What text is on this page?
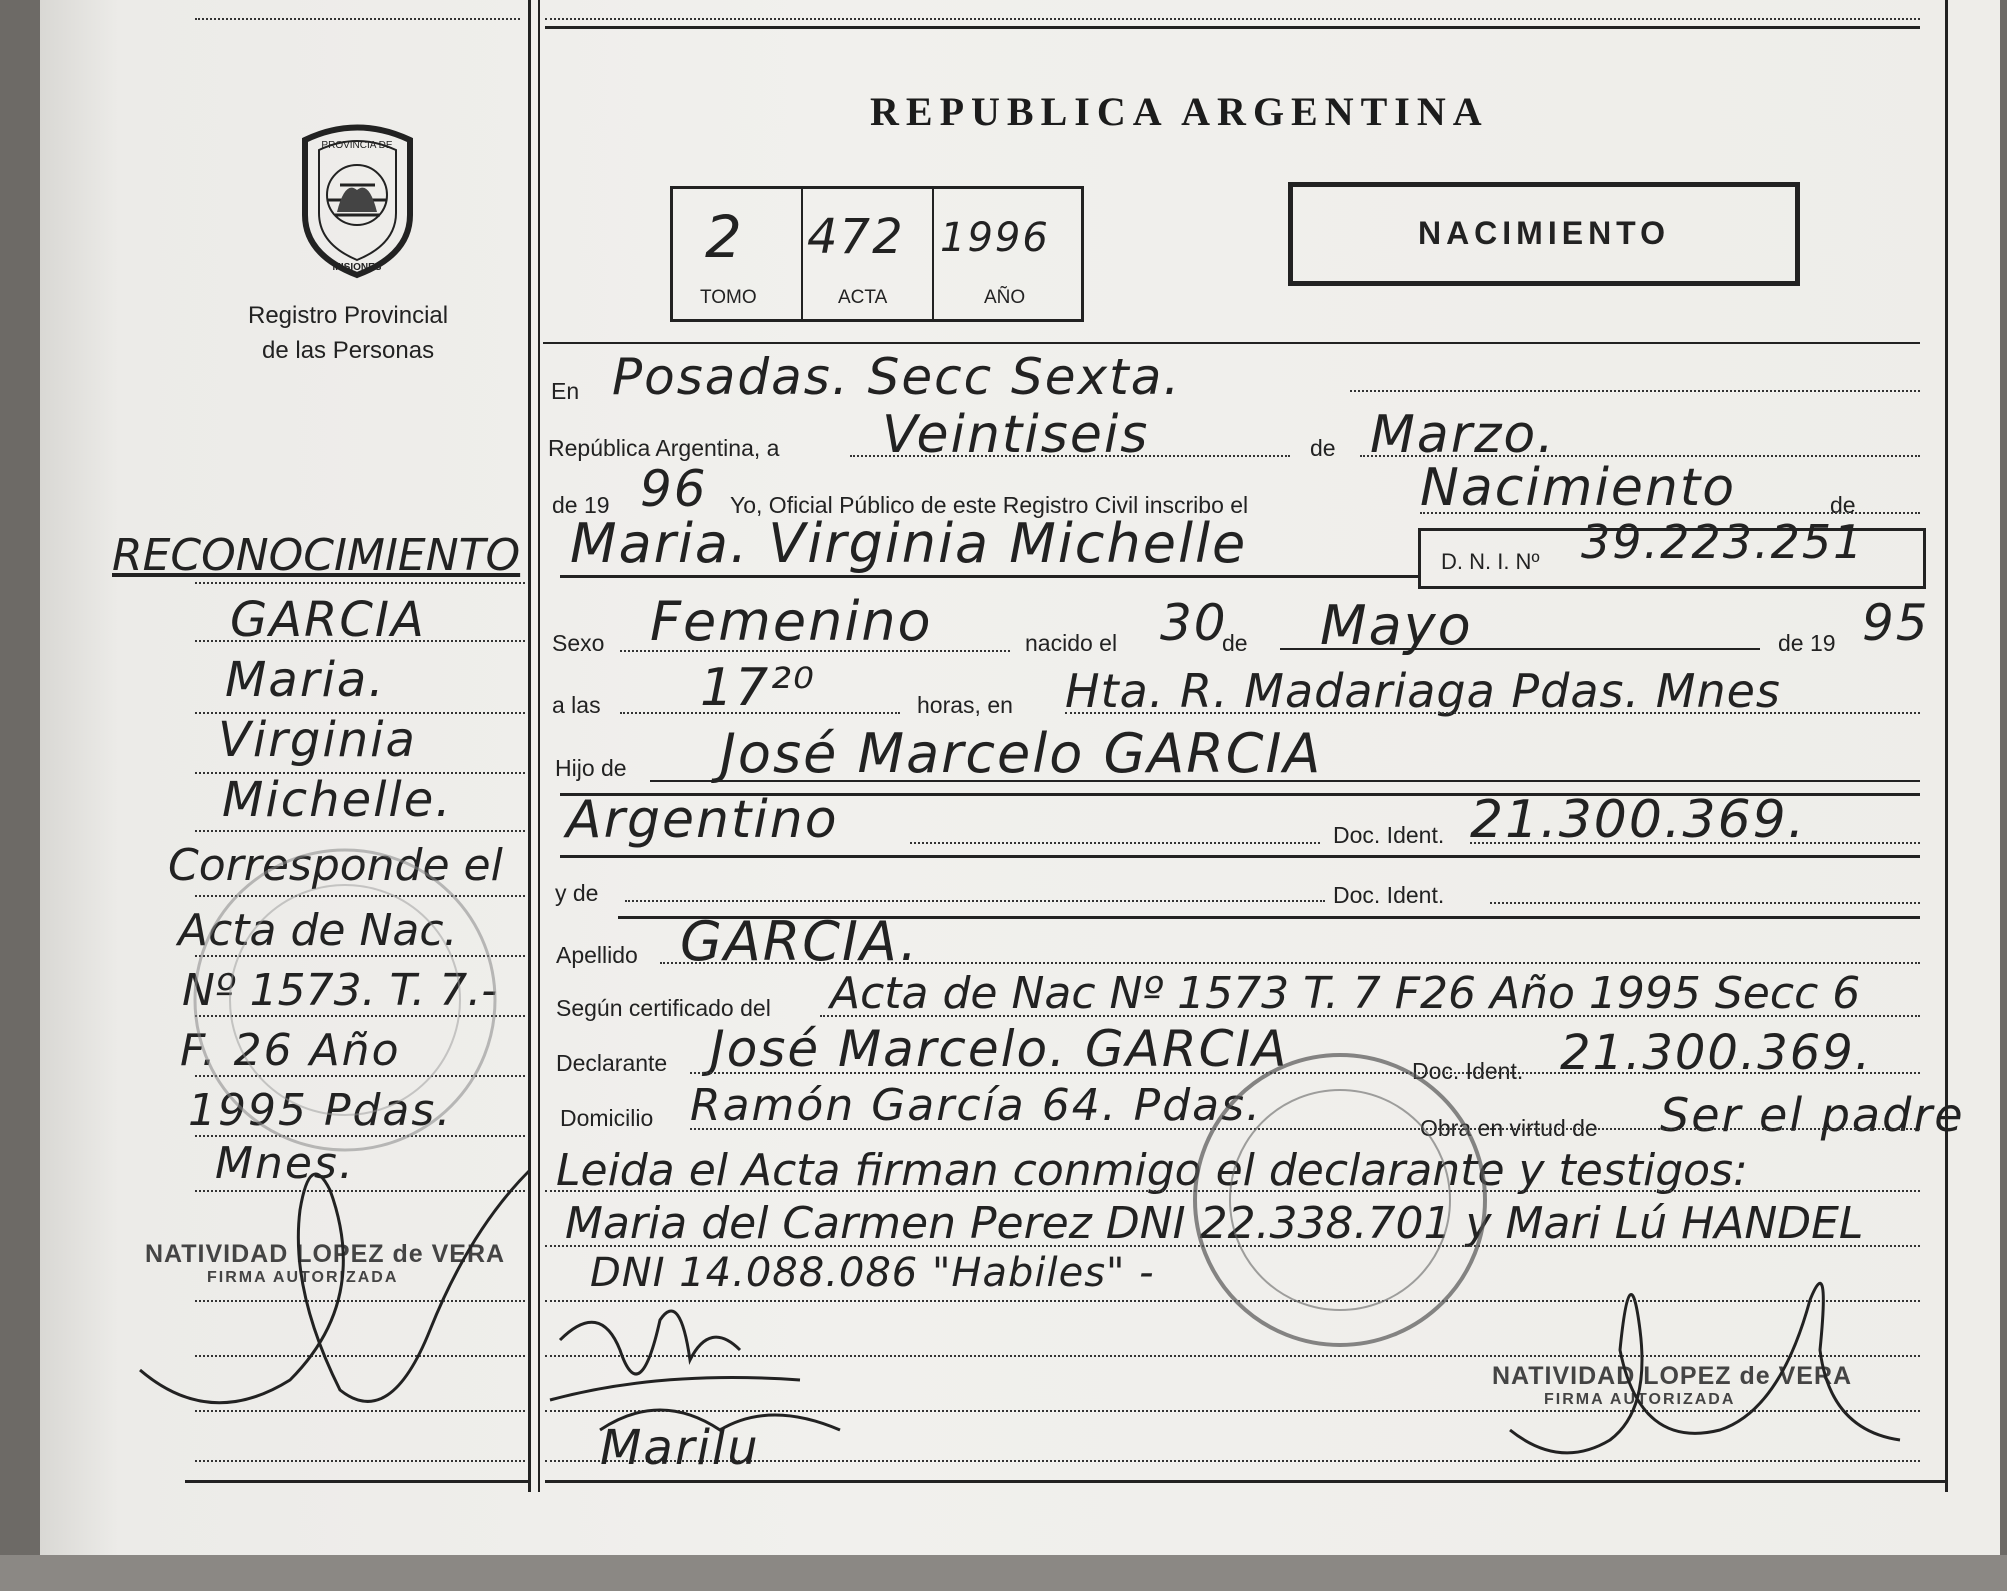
PROVINCIA DE
MISIONES
Registro Provincial
de las Personas
REPUBLICA ARGENTINA
2
TOMO
472
ACTA
1996
AÑO
NACIMIENTO
En Posadas. Secc Sexta.
República Argentina, a Veintiseis	de Marzo.
de 19 96 Yo, Oficial Público de este Registro Civil inscribo el	Nacimiento	de
Maria. Virginia Michelle	D. N. I. Nº 39.223.251
Sexo Femenino	nacido el 30
de Mayo	de 19 95
a las 17²⁰	horas, en Hta. R. Madariaga Pdas. Mnes
Hijo de José Marcelo GARCIA
Argentino	Doc. Ident. 21.300.369.
y de	Doc. Ident.
Apellido GARCIA.
Según certificado del Acta de Nac Nº 1573 T. 7 F26 Año 1995 Secc 6
Declarante José Marcelo. GARCIA	Doc. Ident. 21.300.369.
Domicilio Ramón García 64. Pdas.	Obra en virtud de Ser el padre
Leida el Acta firman conmigo el declarante y testigos:
Maria del Carmen Perez DNI 22.338.701 y Mari Lú HANDEL
DNI 14.088.086 "Habiles" -
RECONOCIMIENTO
GARCIA
Maria.
Virginia
Michelle.
Corresponde el
Acta de Nac.
Nº 1573. T. 7.-
F. 26 Año
1995 Pdas.
Mnes.
NATIVIDAD LOPEZ de VERA
FIRMA AUTORIZADA
NATIVIDAD LOPEZ de VERA
FIRMA AUTORIZADA
Marilu
